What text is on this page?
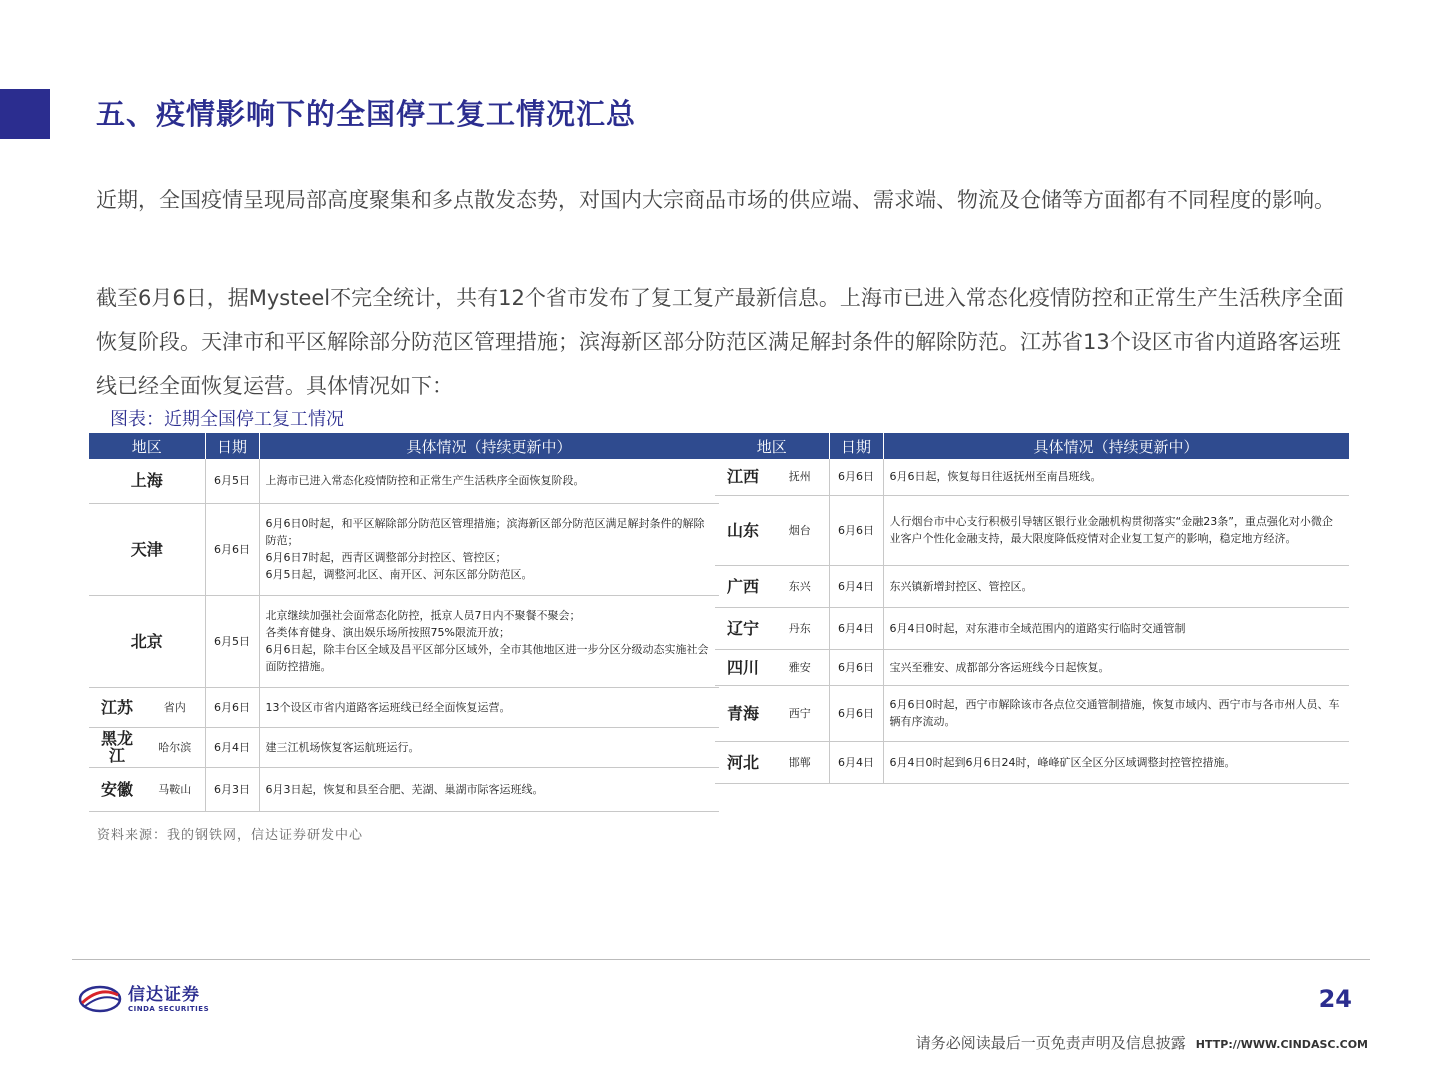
五、疫情影响下的全国停工复工情况汇总
近期，全国疫情呈现局部高度聚集和多点散发态势，对国内大宗商品市场的供应端、需求端、物流及仓储等方面都有不同程度的影响。
截至6月6日，据Mysteel不完全统计，共有12个省市发布了复工复产最新信息。上海市已进入常态化疫情防控和正常生产生活秩序全面恢复阶段。天津市和平区解除部分防范区管理措施；滨海新区部分防范区满足解封条件的解除防范。江苏省13个设区市省内道路客运班线已经全面恢复运营。具体情况如下：
图表：近期全国停工复工情况
地区		日期	具体情况（持续更新中）
上海		6月5日	上海市已进入常态化疫情防控和正常生产生活秩序全面恢复阶段。
天津		6月6日	6月6日0时起，和平区解除部分防范区管理措施；滨海新区部分防范区满足解封条件的解除防范；
6月6日7时起，西青区调整部分封控区、管控区；
6月5日起，调整河北区、南开区、河东区部分防范区。
北京		6月5日	北京继续加强社会面常态化防控，抵京人员7日内不聚餐不聚会；
各类体育健身、演出娱乐场所按照75%限流开放；
6月6日起，除丰台区全域及昌平区部分区域外，全市其他地区进一步分区分级动态实施社会面防控措施。
江苏	省内	6月6日	13个设区市省内道路客运班线已经全面恢复运营。
黑龙江	哈尔滨	6月4日	建三江机场恢复客运航班运行。
安徽	马鞍山	6月3日	6月3日起，恢复和县至合肥、芜湖、巢湖市际客运班线。
地区		日期	具体情况（持续更新中）
江西	抚州	6月6日	6月6日起，恢复每日往返抚州至南昌班线。
山东	烟台	6月6日	人行烟台市中心支行积极引导辖区银行业金融机构贯彻落实“金融23条”，重点强化对小微企业客户个性化金融支持，最大限度降低疫情对企业复工复产的影响，稳定地方经济。
广西	东兴	6月4日	东兴镇新增封控区、管控区。
辽宁	丹东	6月4日	6月4日0时起，对东港市全域范围内的道路实行临时交通管制
四川	雅安	6月6日	宝兴至雅安、成都部分客运班线今日起恢复。
青海	西宁	6月6日	6月6日0时起，西宁市解除该市各点位交通管制措施，恢复市域内、西宁市与各市州人员、车辆有序流动。
河北	邯郸	6月4日	6月4日0时起到6月6日24时，峰峰矿区全区分区域调整封控管控措施。
资料来源：我的钢铁网，信达证券研发中心
信达证券
CINDA SECURITIES	24
请务必阅读最后一页免责声明及信息披露 HTTP://WWW.CINDASC.COM
